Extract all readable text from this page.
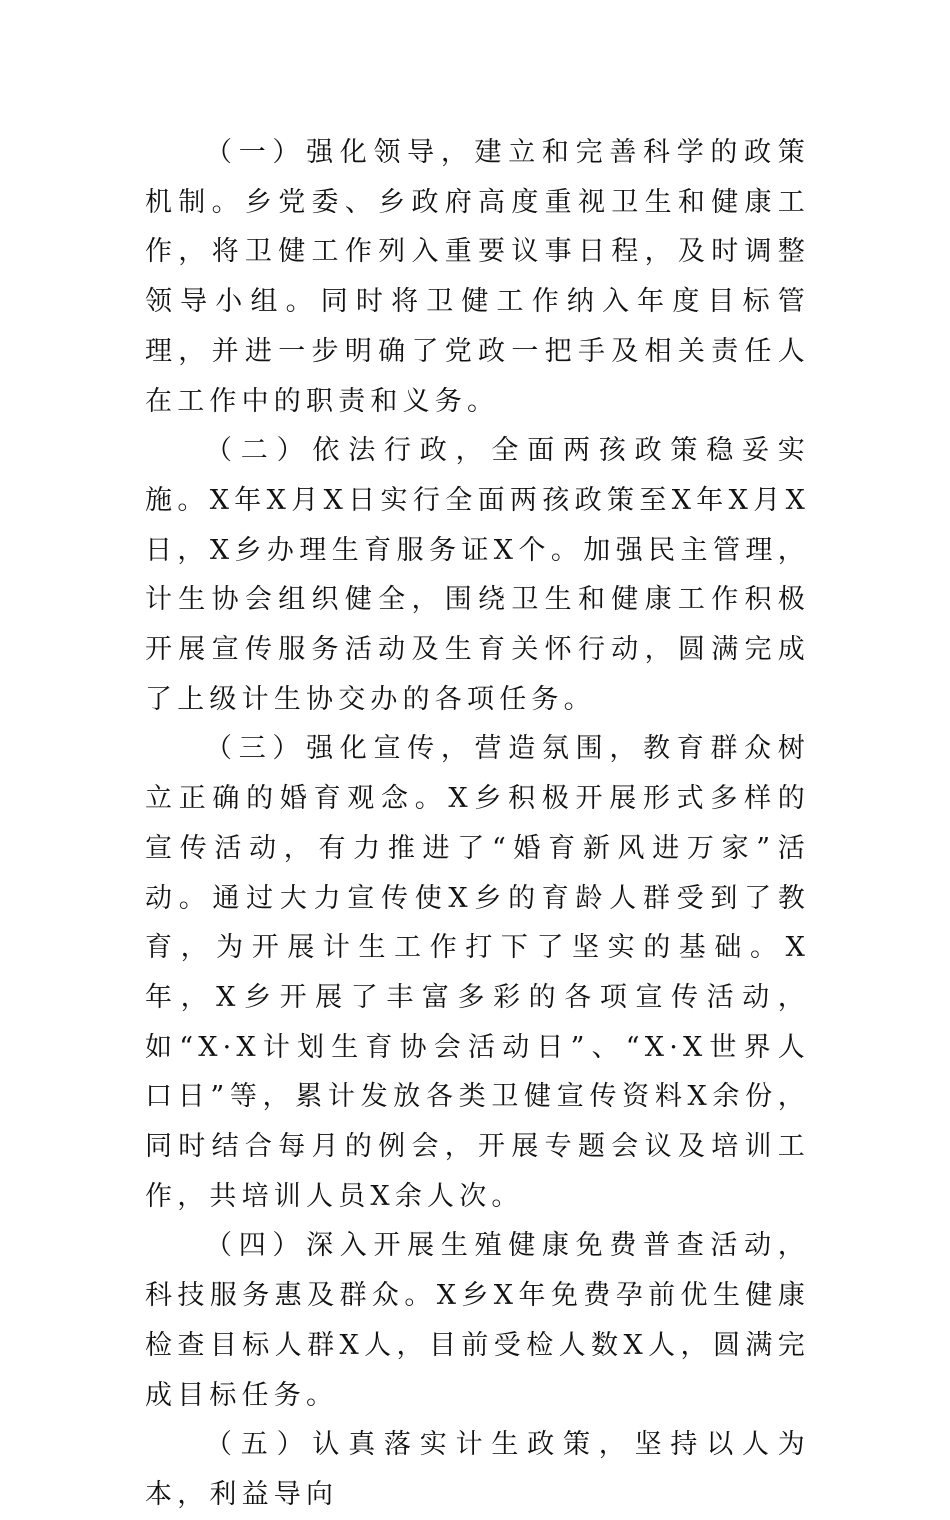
（一）强化领导，建立和完善科学的政策机制。乡党委、乡政府高度重视卫生和健康工作，将卫健工作列入重要议事日程，及时调整领导小组。同时将卫健工作纳入年度目标管理，并进一步明确了党政一把手及相关责任人在工作中的职责和义务。

（二）依法行政，全面两孩政策稳妥实施。X年X月X日实行全面两孩政策至X年X月X日，X乡办理生育服务证X个。加强民主管理，计生协会组织健全，围绕卫生和健康工作积极开展宣传服务活动及生育关怀行动，圆满完成了上级计生协交办的各项任务。

（三）强化宣传，营造氛围，教育群众树立正确的婚育观念。X乡积极开展形式多样的宣传活动，有力推进了“婚育新风进万家”活动。通过大力宣传使X乡的育龄人群受到了教育，为开展计生工作打下了坚实的基础。X年，X乡开展了丰富多彩的各项宣传活动，如“X·X计划生育协会活动日”、“X·X世界人口日”等，累计发放各类卫健宣传资料X余份，同时结合每月的例会，开展专题会议及培训工作，共培训人员X余人次。

（四）深入开展生殖健康免费普查活动，科技服务惠及群众。X乡X年免费孕前优生健康检查目标人群X人，目前受检人数X人，圆满完成目标任务。

（五）认真落实计生政策，坚持以人为本，利益导向
